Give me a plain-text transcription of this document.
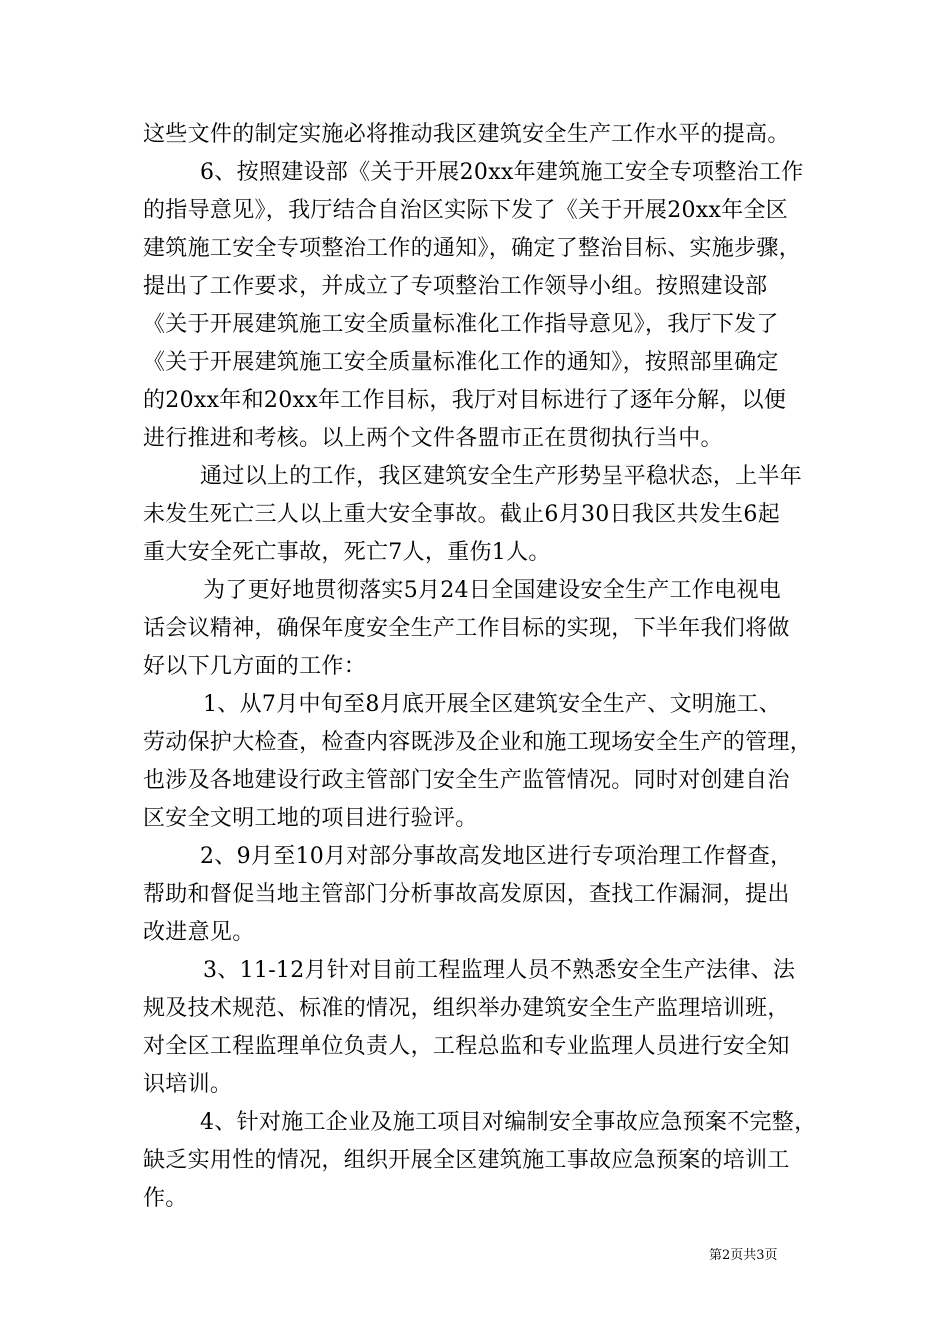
这些文件的制定实施必将推动我区建筑安全生产工作水平的提高。
6、按照建设部《关于开展20xx年建筑施工安全专项整治工作
的指导意见》，我厅结合自治区实际下发了《关于开展20xx年全区
建筑施工安全专项整治工作的通知》，确定了整治目标、实施步骤，
提出了工作要求，并成立了专项整治工作领导小组。按照建设部
《关于开展建筑施工安全质量标准化工作指导意见》，我厅下发了
《关于开展建筑施工安全质量标准化工作的通知》，按照部里确定
的20xx年和20xx年工作目标，我厅对目标进行了逐年分解，以便
进行推进和考核。以上两个文件各盟市正在贯彻执行当中。
通过以上的工作，我区建筑安全生产形势呈平稳状态，上半年
未发生死亡三人以上重大安全事故。截止6月30日我区共发生6起
重大安全死亡事故，死亡7人，重伤1人。
为了更好地贯彻落实5月24日全国建设安全生产工作电视电
话会议精神，确保年度安全生产工作目标的实现，下半年我们将做
好以下几方面的工作：
1、从7月中旬至8月底开展全区建筑安全生产、文明施工、
劳动保护大检查，检查内容既涉及企业和施工现场安全生产的管理，
也涉及各地建设行政主管部门安全生产监管情况。同时对创建自治
区安全文明工地的项目进行验评。
2、9月至10月对部分事故高发地区进行专项治理工作督查，
帮助和督促当地主管部门分析事故高发原因，查找工作漏洞，提出
改进意见。
3、11-12月针对目前工程监理人员不熟悉安全生产法律、法
规及技术规范、标准的情况，组织举办建筑安全生产监理培训班，
对全区工程监理单位负责人，工程总监和专业监理人员进行安全知
识培训。
4、针对施工企业及施工项目对编制安全事故应急预案不完整，
缺乏实用性的情况，组织开展全区建筑施工事故应急预案的培训工
作。
第2页共3页
